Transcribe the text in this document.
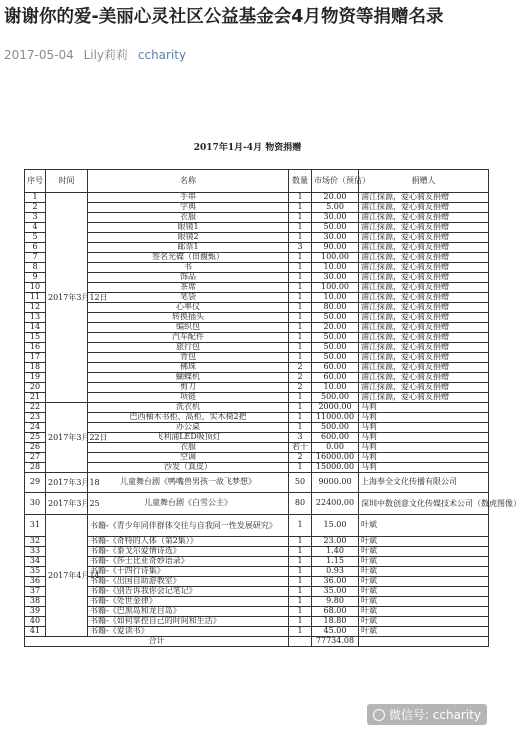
谢谢你的爱-美丽心灵社区公益基金会4月物资等捐赠名录
2017-05-04 Lily莉莉 ccharity
2017年1月-4月 物资捐赠
序号	时间	名称	数量	市场价（预估）	捐赠人
1	2017年3月12日	手串	1	20.00	浦江探源，爱心骑友捐赠
2		字典	1	5.00	浦江探源，爱心骑友捐赠
3		衣服	1	30.00	浦江探源，爱心骑友捐赠
4		眼镜1	1	50.00	浦江探源，爱心骑友捐赠
5		眼镜2	1	30.00	浦江探源，爱心骑友捐赠
6		邮票1	3	90.00	浦江探源，爱心骑友捐赠
7		签名光碟（田馥甄）	1	100.00	浦江探源，爱心骑友捐赠
8		书	1	10.00	浦江探源，爱心骑友捐赠
9		饰品	1	30.00	浦江探源，爱心骑友捐赠
10		茶席	1	100.00	浦江探源，爱心骑友捐赠
11		笔袋	1	10.00	浦江探源，爱心骑友捐赠
12		心率仪	1	80.00	浦江探源，爱心骑友捐赠
13		转换插头	1	50.00	浦江探源，爱心骑友捐赠
14		编织包	1	20.00	浦江探源，爱心骑友捐赠
15		汽车配件	1	50.00	浦江探源，爱心骑友捐赠
16		旅行包	1	50.00	浦江探源，爱心骑友捐赠
17		背包	1	50.00	浦江探源，爱心骑友捐赠
18		佛珠	2	60.00	浦江探源，爱心骑友捐赠
19		蝴蝶机	2	60.00	浦江探源，爱心骑友捐赠
20		剪刀	2	10.00	浦江探源，爱心骑友捐赠
21		项链	1	500.00	浦江探源，爱心骑友捐赠
22	2017年3月22日	洗衣机	1	2000.00	马莉
23		巴西柚木书柜、高柜、实木椅2把	1	11000.00	马莉
24		办公桌	1	500.00	马莉
25		飞利浦LED吸顶灯	3	600.00	马莉
26		衣服	若干	0.00	马莉
27		空调	2	16000.00	马莉
28		沙发（真皮）	1	15000.00	马莉
29	2017年3月18	儿童舞台剧《鸭嘴兽男孩一故飞梦想》	50	9000.00	上海奉全文化传播有限公司
30	2017年3月25	儿童舞台剧《白雪公主》	80	22400.00	深圳中数创意文化传媒技术公司（数虎图像）
31	2017年4月14	书籍-《青少年同伴群体交往与自我同一性发展研究》	1	15.00	叶斌
32		书籍-《奇特的人体（第2集）》	1	23.00	叶斌
33		书籍-《泰戈尔爱情诗选》	1	1.40	叶斌
34		书籍-《莎士比亚奇妙语录》	1	1.15	叶斌
35		书籍-《十四行诗集》	1	0.93	叶斌
36		书籍-《出国自助游教室》	1	36.00	叶斌
37		书籍-《别告诉我你会记笔记》	1	35.00	叶斌
38		书籍-《处世金律》	1	9.80	叶斌
39		书籍-《巴黑岛和龙目岛》	1	68.00	叶斌
40		书籍-《如何掌控自己的时间和生活》	1	18.80	叶斌
41		书籍-《爱读书》	1	45.00	叶斌
合计				77734.08	
微信号: ccharity
